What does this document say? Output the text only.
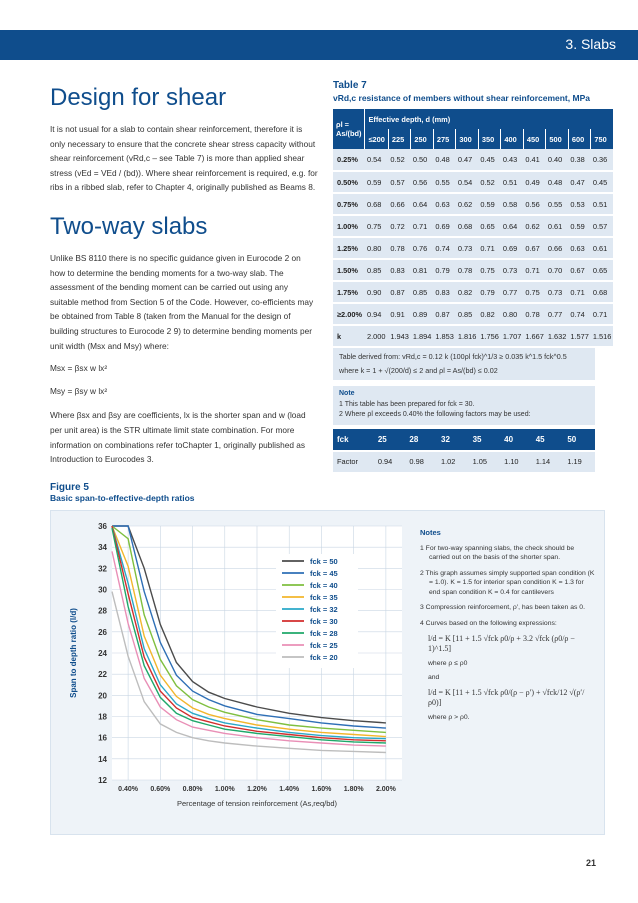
3. Slabs
Design for shear

It is not usual for a slab to contain shear reinforcement, therefore it is only necessary to ensure that the concrete shear stress capacity without shear reinforcement (vRd,c – see Table 7) is more than applied shear stress (vEd = VEd / (bd)). Where shear reinforcement is required, e.g. for ribs in a ribbed slab, refer to Chapter 4, originally published as Beams 8.

Two-way slabs

Unlike BS 8110 there is no specific guidance given in Eurocode 2 on how to determine the bending moments for a two-way slab. The assessment of the bending moment can be carried out using any suitable method from Section 5 of the Code. However, co-efficients may be obtained from Table 8 (taken from the Manual for the design of building structures to Eurocode 2 9) to determine bending moments per unit width (Msx and Msy) where:

Msx = βsx w lx²

Msy = βsy w lx²

Where βsx and βsy are coefficients, lx is the shorter span and w (load per unit area) is the STR ultimate limit state combination. For more information on combinations refer toChapter 1, originally published as Introduction to Eurocodes 3.

Table 7
vRd,c resistance of members without shear reinforcement, MPa
ρl = As/(bd)	Effective depth, d (mm)										
	≤200	225	250	275	300	350	400	450	500	600	750
0.25%	0.54	0.52	0.50	0.48	0.47	0.45	0.43	0.41	0.40	0.38	0.36
0.50%	0.59	0.57	0.56	0.55	0.54	0.52	0.51	0.49	0.48	0.47	0.45
0.75%	0.68	0.66	0.64	0.63	0.62	0.59	0.58	0.56	0.55	0.53	0.51
1.00%	0.75	0.72	0.71	0.69	0.68	0.65	0.64	0.62	0.61	0.59	0.57
1.25%	0.80	0.78	0.76	0.74	0.73	0.71	0.69	0.67	0.66	0.63	0.61
1.50%	0.85	0.83	0.81	0.79	0.78	0.75	0.73	0.71	0.70	0.67	0.65
1.75%	0.90	0.87	0.85	0.83	0.82	0.79	0.77	0.75	0.73	0.71	0.68
≥2.00%	0.94	0.91	0.89	0.87	0.85	0.82	0.80	0.78	0.77	0.74	0.71
k	2.000	1.943	1.894	1.853	1.816	1.756	1.707	1.667	1.632	1.577	1.516
Table derived from: vRd,c = 0.12 k (100ρl fck)^1/3 ≥ 0.035 k^1.5 fck^0.5
where k = 1 + √(200/d) ≤ 2 and ρl = As/(bd) ≤ 0.02
Note
1 This table has been prepared for fck = 30.
2 Where ρl exceeds 0.40% the following factors may be used:
fck	25	28	32	35	40	45	50
Factor	0.94	0.98	1.02	1.05	1.10	1.14	1.19
Figure 5
Basic span-to-effective-depth ratios
12
14
16
18
20
22
24
26
28
30
32
34
36
0.40% 0.60% 0.80% 1.00% 1.20% 1.40% 1.60% 1.80% 2.00%
Percentage of tension reinforcement (As,req/bd)
Span to depth ratio (l/d)
fck = 50
fck = 45
fck = 40
fck = 35
fck = 32
fck = 30
fck = 28
fck = 25
fck = 20
Notes
1 For two-way spanning slabs, the check should be carried out on the basis of the shorter span.
2 This graph assumes simply supported span condition (K = 1.0). K = 1.5 for interior span condition K = 1.3 for end span condition K = 0.4 for cantilevers
3 Compression reinforcement, ρ′, has been taken as 0.
4 Curves based on the following expressions:
l/d = K [11 + 1.5 √fck ρ0/ρ + 3.2 √fck (ρ0/ρ − 1)^1.5]
where ρ ≤ ρ0
and
l/d = K [11 + 1.5 √fck ρ0/(ρ − ρ′) + √fck/12 √(ρ′/ρ0)]
where ρ > ρ0.
21
